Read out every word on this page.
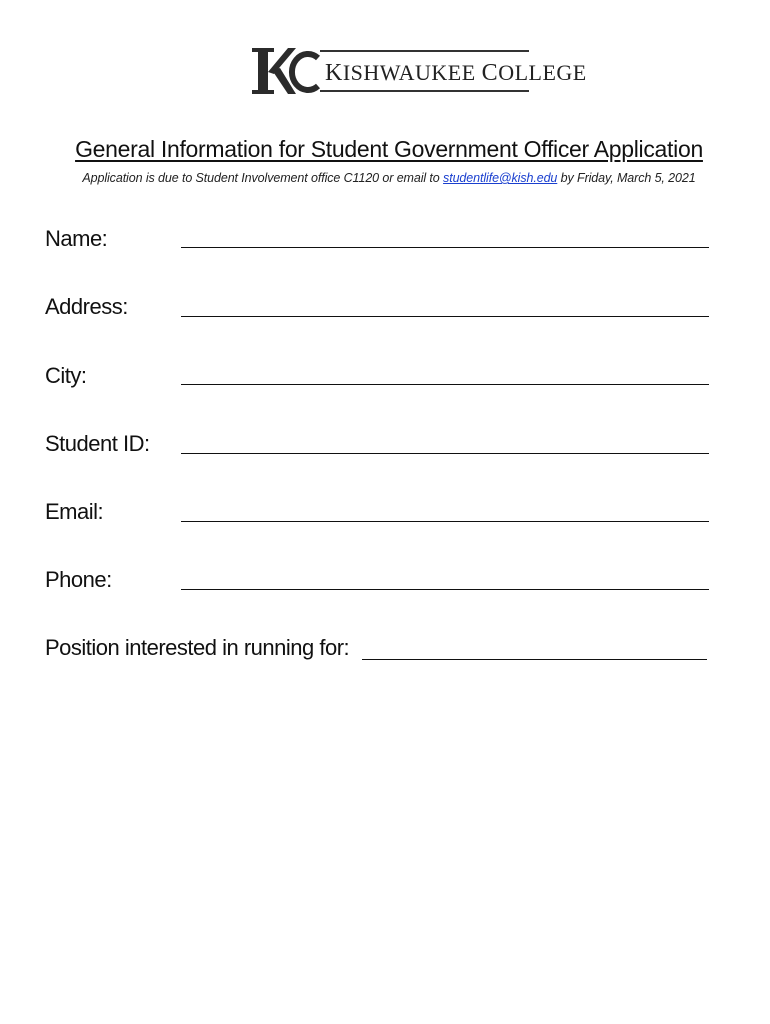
KISHWAUKEE COLLEGE
General Information for Student Government Officer Application
Application is due to Student Involvement office C1120 or email to studentlife@kish.edu by Friday, March 5, 2021
Name:
Address:
City:
Student ID:
Email:
Phone:
Position interested in running for:
